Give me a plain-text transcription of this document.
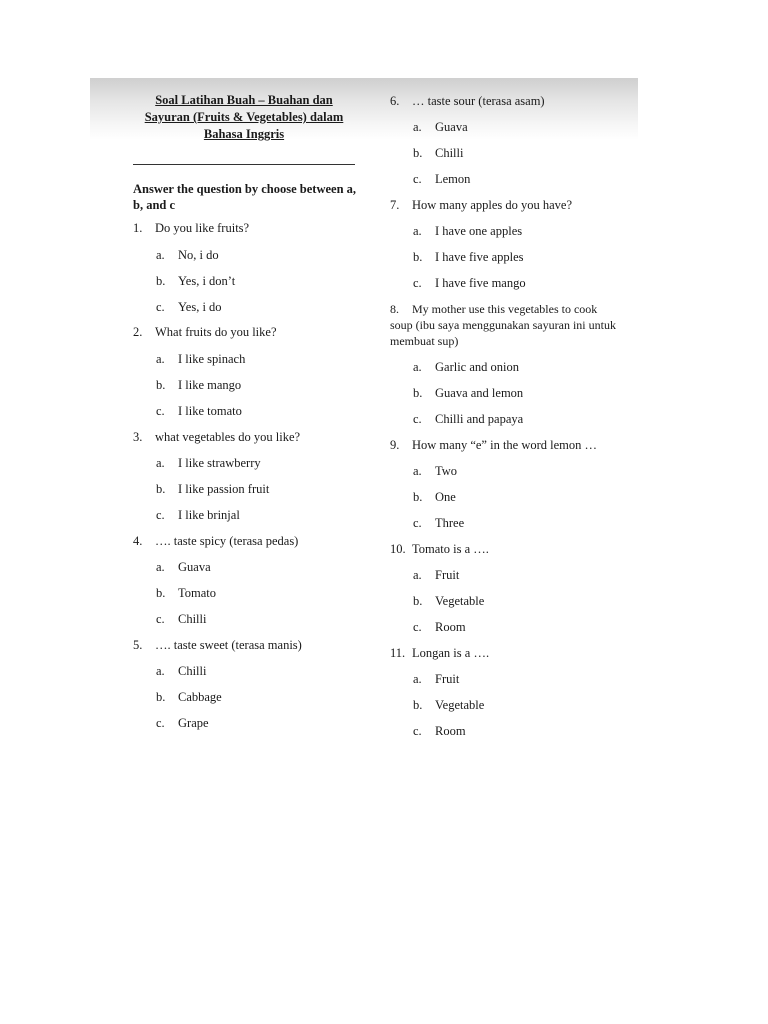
Soal Latihan Buah – Buahan dan Sayuran (Fruits & Vegetables) dalam Bahasa Inggris
Answer the question by choose between a, b, and c
1. Do you like fruits?
a. No, i do
b. Yes, i don’t
c. Yes, i do
2. What fruits do you like?
a. I like spinach
b. I like mango
c. I like tomato
3. what vegetables do you like?
a. I like strawberry
b. I like passion fruit
c. I like brinjal
4. …. taste spicy (terasa pedas)
a. Guava
b. Tomato
c. Chilli
5. …. taste sweet (terasa manis)
a. Chilli
b. Cabbage
c. Grape
6. … taste sour (terasa asam)
a. Guava
b. Chilli
c. Lemon
7. How many apples do you have?
a. I have one apples
b. I have five apples
c. I have five mango
8. My mother use this vegetables to cook soup (ibu saya menggunakan sayuran ini untuk membuat sup)
a. Garlic and onion
b. Guava and lemon
c. Chilli and papaya
9. How many “e” in the word lemon …
a. Two
b. One
c. Three
10. Tomato is a ….
a. Fruit
b. Vegetable
c. Room
11. Longan is a ….
a. Fruit
b. Vegetable
c. Room
